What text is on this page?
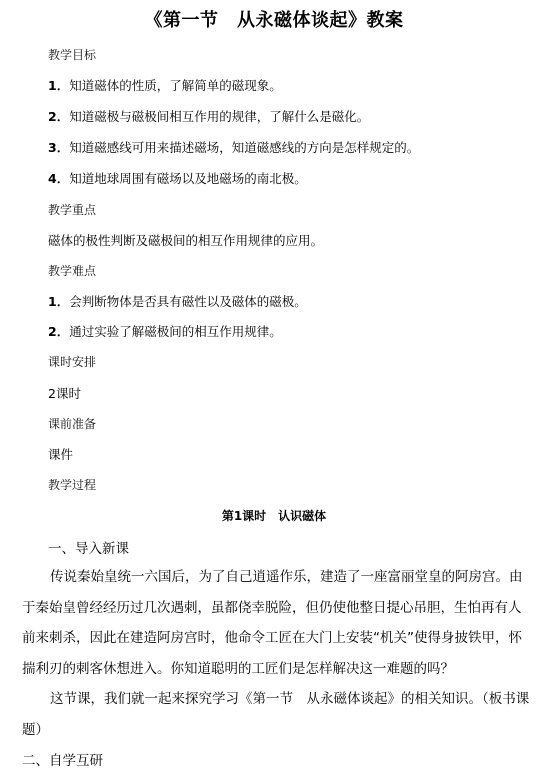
《第一节　从永磁体谈起》教案
教学目标
1．知道磁体的性质，了解简单的磁现象。
2．知道磁极与磁极间相互作用的规律，了解什么是磁化。
3．知道磁感线可用来描述磁场，知道磁感线的方向是怎样规定的。
4．知道地球周围有磁场以及地磁场的南北极。
教学重点
磁体的极性判断及磁极间的相互作用规律的应用。
教学难点
1．会判断物体是否具有磁性以及磁体的磁极。
2．通过实验了解磁极间的相互作用规律。
课时安排
2课时
课前准备
课件
教学过程
第1课时　认识磁体
一、导入新课
传说秦始皇统一六国后，为了自己逍遥作乐，建造了一座富丽堂皇的阿房宫。由于秦始皇曾经经历过几次遇刺，虽都侥幸脱险，但仍使他整日提心吊胆，生怕再有人前来刺杀，因此在建造阿房宫时，他命令工匠在大门上安装“机关”使得身披铁甲，怀揣利刃的刺客休想进入。你知道聪明的工匠们是怎样解决这一难题的吗？
这节课，我们就一起来探究学习《第一节　从永磁体谈起》的相关知识。（板书课题）
二、自学互研
